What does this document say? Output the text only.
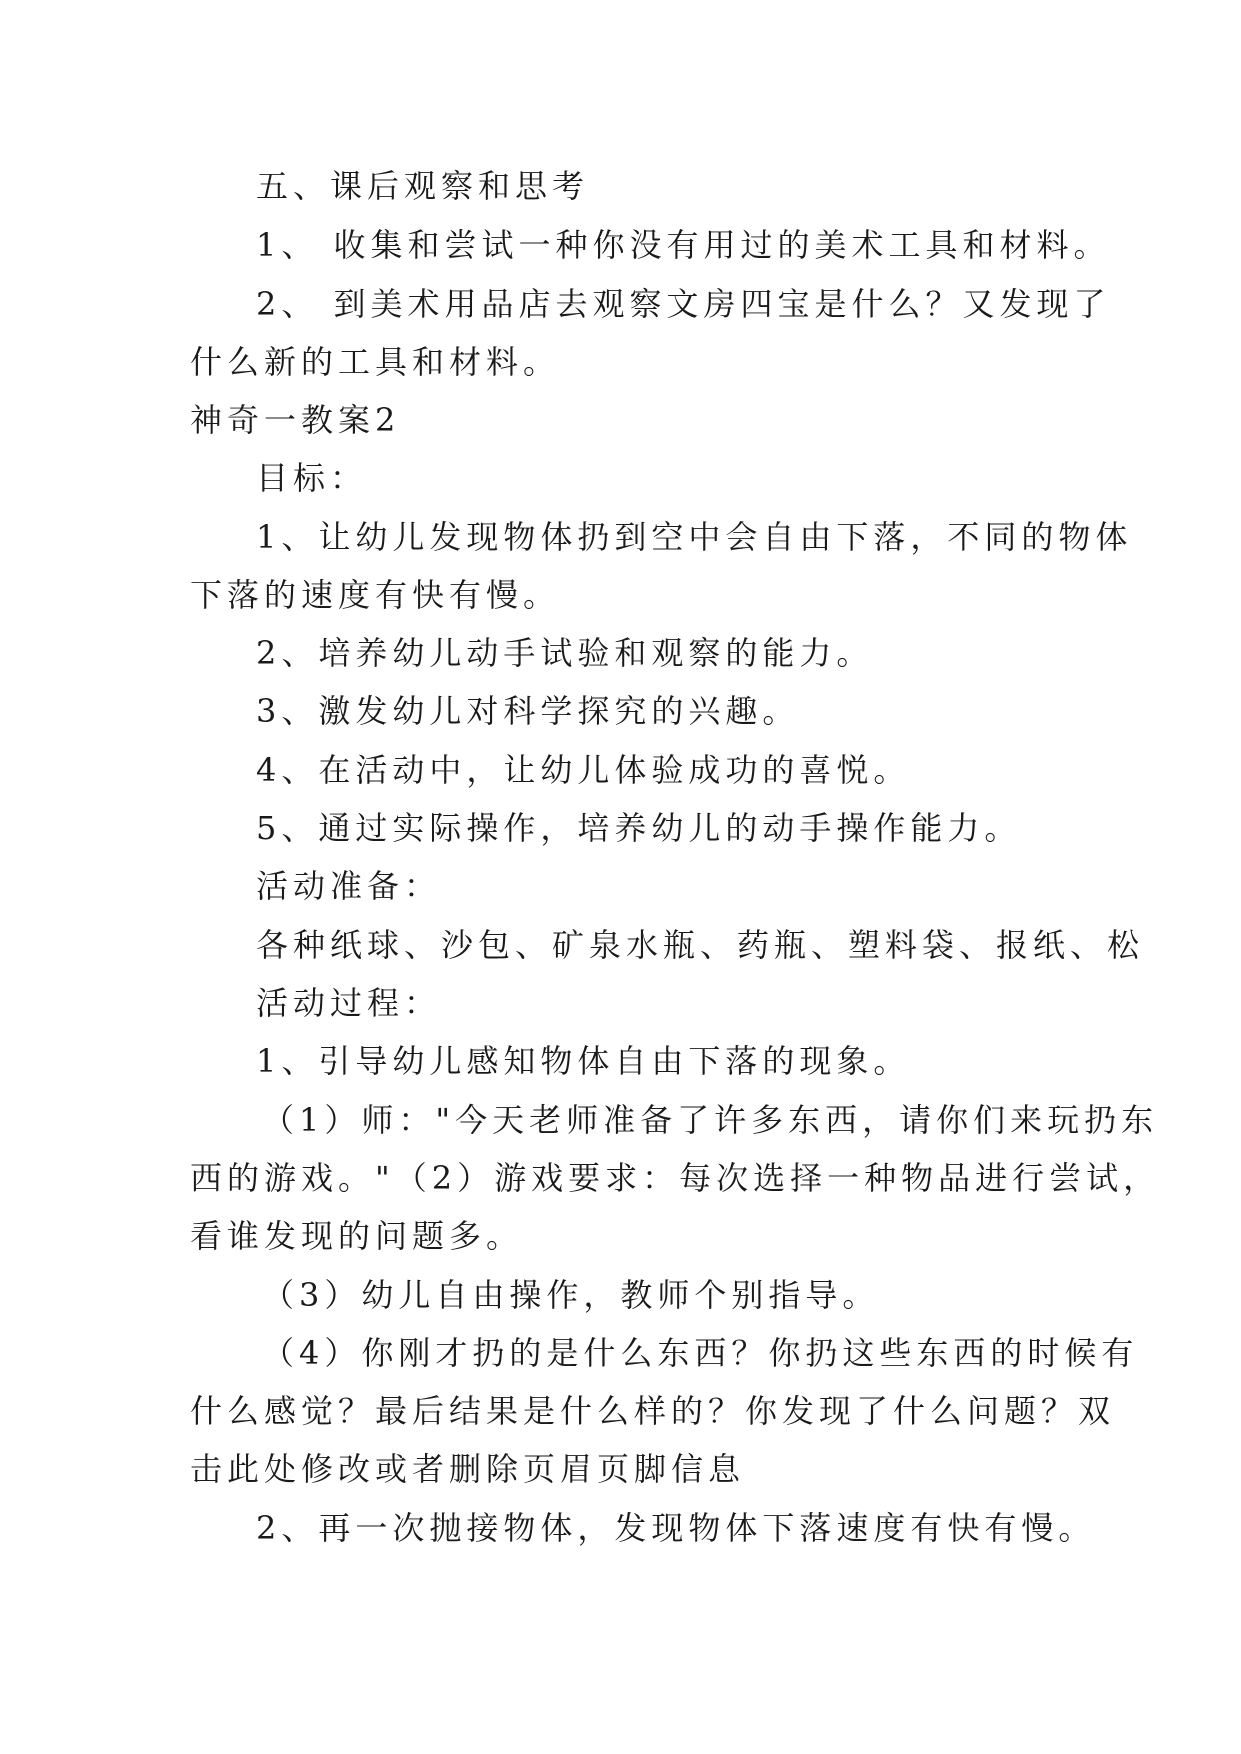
五、课后观察和思考
1、 收集和尝试一种你没有用过的美术工具和材料。
2、 到美术用品店去观察文房四宝是什么？又发现了
什么新的工具和材料。
神奇一教案2
目标：
1、让幼儿发现物体扔到空中会自由下落，不同的物体
下落的速度有快有慢。
2、培养幼儿动手试验和观察的能力。
3、激发幼儿对科学探究的兴趣。
4、在活动中，让幼儿体验成功的喜悦。
5、通过实际操作，培养幼儿的动手操作能力。
活动准备：
各种纸球、沙包、矿泉水瓶、药瓶、塑料袋、报纸、松
活动过程：
1、引导幼儿感知物体自由下落的现象。
（1）师："今天老师准备了许多东西，请你们来玩扔东
西的游戏。"（2）游戏要求：每次选择一种物品进行尝试，
看谁发现的问题多。
（3）幼儿自由操作，教师个别指导。
（4）你刚才扔的是什么东西？你扔这些东西的时候有
什么感觉？最后结果是什么样的？你发现了什么问题？双
击此处修改或者删除页眉页脚信息
2、再一次抛接物体，发现物体下落速度有快有慢。
